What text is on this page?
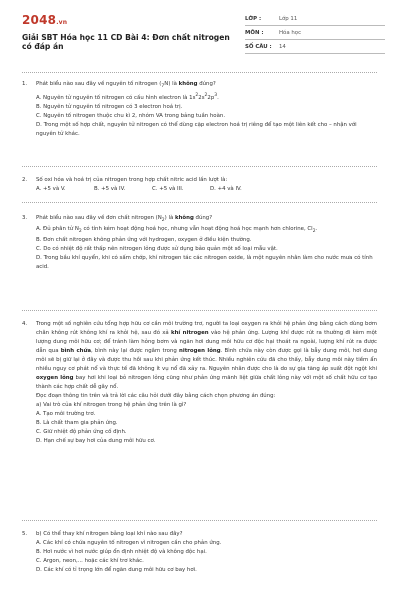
2048.vn
Giải SBT Hóa học 11 CD Bài 4: Đơn chất nitrogen có đáp án
LỚP :	Lớp 11
MÔN :	Hóa học
SỐ CÂU :	14
1.	Phát biểu nào sau đây về nguyên tố nitrogen $(_7N)$ là không đúng?
A. Nguyên tử nguyên tố nitrogen có cấu hình electron là $1s^22s^22p^3$.
B. Nguyên tử nguyên tố nitrogen có 3 electron hoá trị.
C. Nguyên tố nitrogen thuộc chu kì 2, nhóm VA trong bảng tuần hoàn.
D. Trong một số hợp chất, nguyên tử nitrogen có thể dùng cặp electron hoá trị riêng để tạo một liên kết cho – nhận với nguyên tử khác.
2.	Số oxi hóa và hoá trị của nitrogen trong hợp chất nitric acid lần lượt là:
A. +5 và V.	B. +5 và IV.	C. +5 và III.	D. +4 và IV.
3.	Phát biểu nào sau đây về đơn chất nitrogen $(N_2)$ là không đúng?
A. Đủ phân tử $N_2$ có tính kém hoạt động hoá học, nhưng vẫn hoạt động hoá học mạnh hơn chlorine, $Cl_2$.
B. Đơn chất nitrogen không phản ứng với hydrogen, oxygen ở điều kiện thường.
C. Do có nhiệt độ rất thấp nên nitrogen lỏng được sử dụng bảo quản một số loại mẫu vật.
D. Trong bầu khí quyển, khi có sấm chớp, khí nitrogen tác các nitrogen oxide, là một nguyên nhân làm cho nước mưa có tính acid.
4.	Trong một số nghiên cứu tổng hợp hữu cơ cần môi trường trơ, người ta loại oxygen ra khỏi hệ phản ứng bằng cách dùng bơm chân không rút không khí ra khỏi hệ, sau đó xả khí nitrogen vào hệ phản ứng. Lượng khí được rút ra thường đi kèm một lượng dung môi hữu cơ; để tránh làm hỏng bơm và ngăn hơi dung môi hữu cơ độc hại thoát ra ngoài, lượng khí rút ra được dẫn qua bình chứa, bình này lại được ngâm trong nitrogen lỏng. Bình chứa này còn được gọi là bẫy dung môi, hơi dung môi sẽ bị giữ lại ở đây và được thu hồi sau khi phản ứng kết thúc. Nhiều nghiên cứu đã cho thấy, bẫy dung môi này tiềm ẩn nhiều nguy cơ phát nổ và thực tế đã không ít vụ nổ đã xảy ra. Nguyên nhân được cho là do sự gia tăng áp suất đột ngột khi oxygen lỏng bay hơi khi loại bỏ nitrogen lỏng cũng như phản ứng mãnh liệt giữa chất lỏng này với một số chất hữu cơ tạo thành các hợp chất dễ gây nổ.
Đọc đoạn thông tin trên và trả lời các câu hỏi dưới đây bằng cách chọn phương án đúng:
a) Vai trò của khí nitrogen trong hệ phản ứng trên là gì?
A. Tạo môi trường trơ.
B. Là chất tham gia phản ứng.
C. Giữ nhiệt độ phản ứng cố định.
D. Hạn chế sự bay hơi của dung môi hữu cơ.
5.	b) Có thể thay khí nitrogen bằng loại khí nào sau đây?
A. Các khí có chứa nguyên tố nitrogen vì nitrogen cần cho phản ứng.
B. Hơi nước vì hơi nước giúp ổn định nhiệt độ và không độc hại.
C. Argon, neon,... hoặc các khí trơ khác.
D. Các khí có tỉ trọng lớn để ngăn dung môi hữu cơ bay hơi.
